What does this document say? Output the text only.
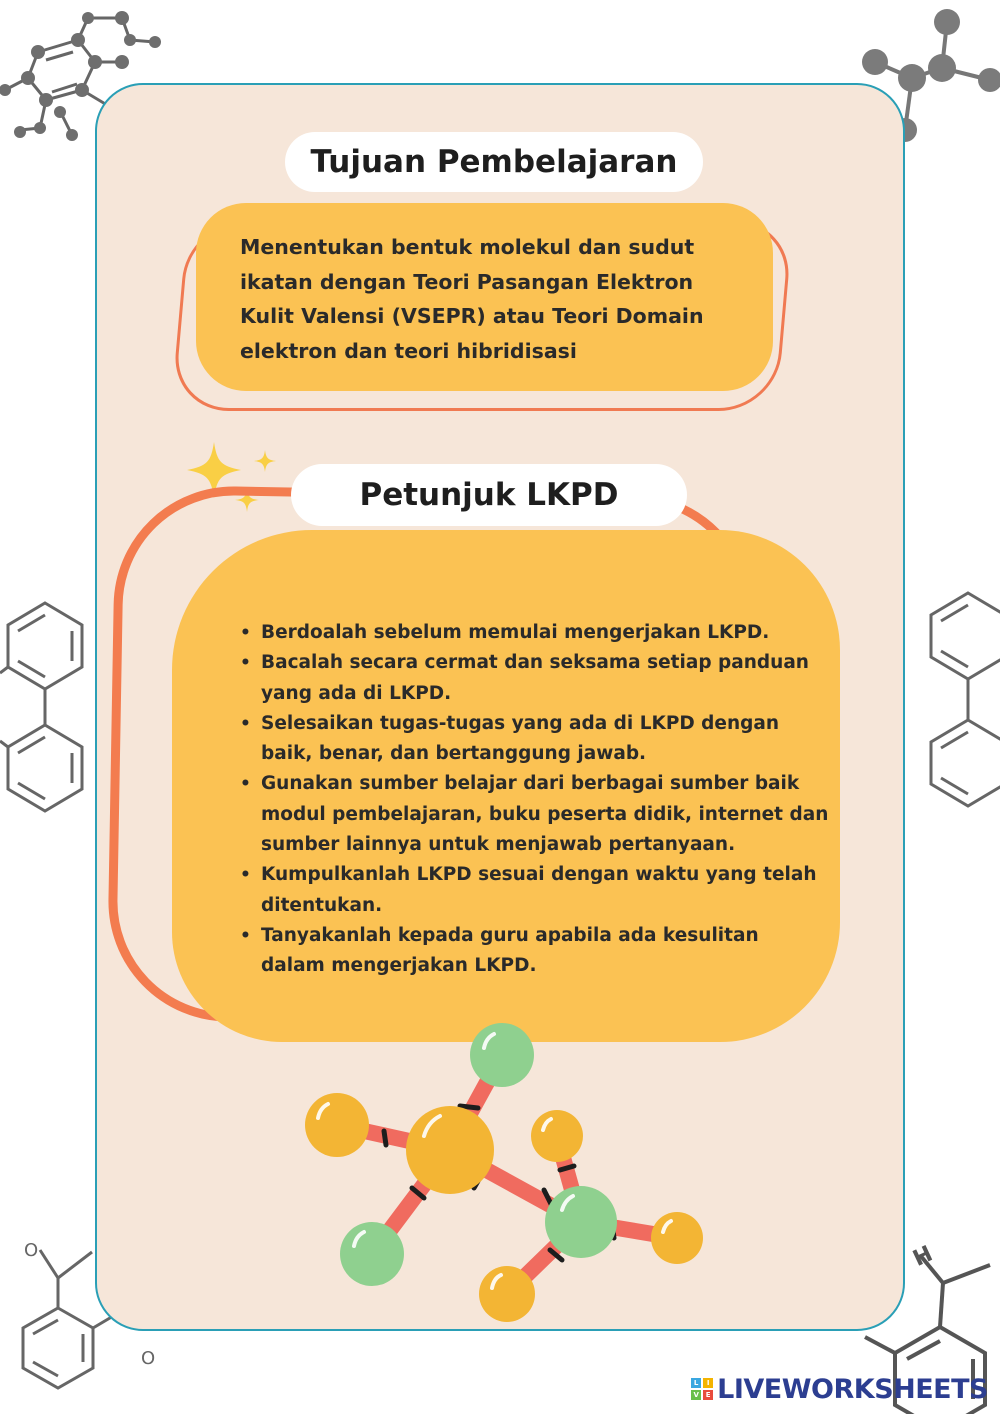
O
O
H
Tujuan Pembelajaran
Menentukan bentuk molekul dan sudut
ikatan dengan Teori Pasangan Elektron
Kulit Valensi (VSEPR) atau Teori Domain
elektron dan teori hibridisasi
Petunjuk LKPD
• Berdoalah sebelum memulai mengerjakan LKPD.
• Bacalah secara cermat dan seksama setiap panduan
yang ada di LKPD.
• Selesaikan tugas-tugas yang ada di LKPD dengan
baik, benar, dan bertanggung jawab.
• Gunakan sumber belajar dari berbagai sumber baik
modul pembelajaran, buku peserta didik, internet dan
sumber lainnya untuk menjawab pertanyaan.
• Kumpulkanlah LKPD sesuai dengan waktu yang telah
ditentukan.
• Tanyakanlah kepada guru apabila ada kesulitan
dalam mengerjakan LKPD.
L	I
V E LIVEWORKSHEETS
